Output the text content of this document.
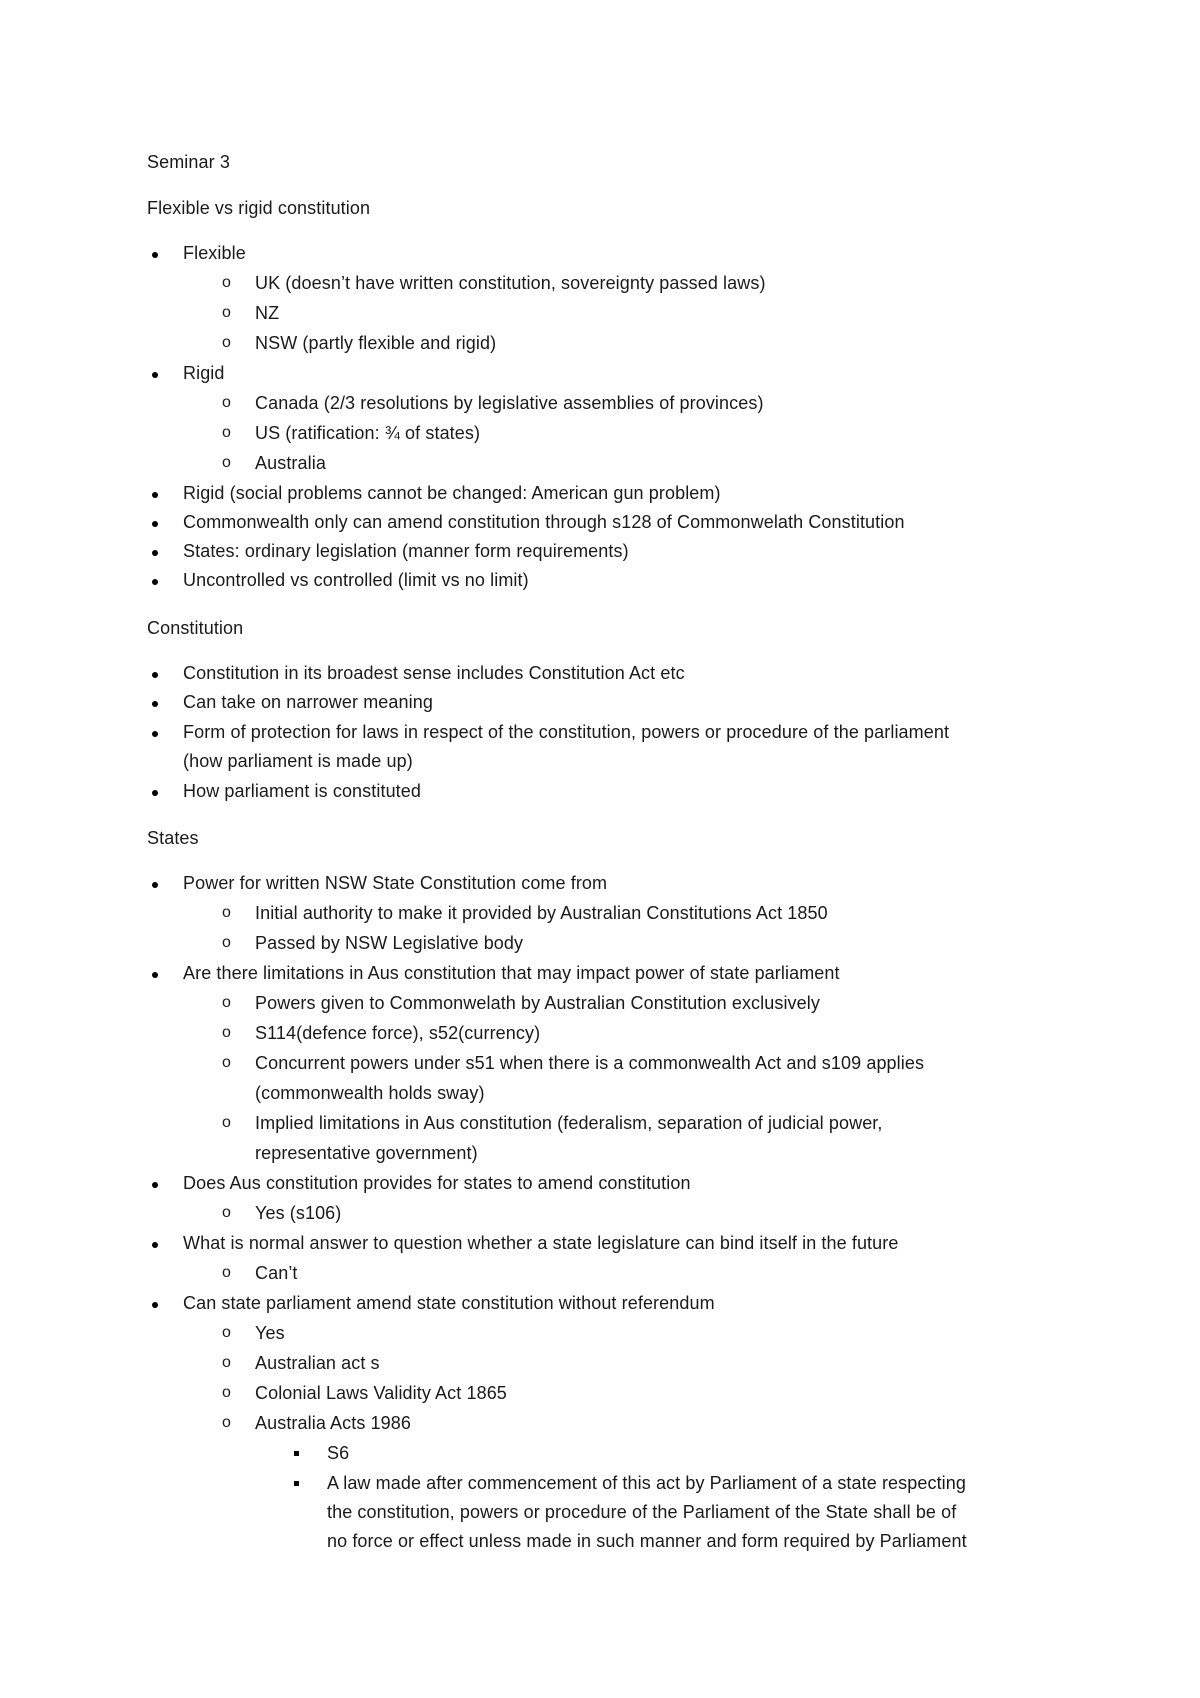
Seminar 3
Flexible vs rigid constitution
Flexible
o UK (doesn’t have written constitution, sovereignty passed laws)
o NZ
o NSW (partly flexible and rigid)
Rigid
o Canada (2/3 resolutions by legislative assemblies of provinces)
o US (ratification: ¾ of states)
o Australia
Rigid (social problems cannot be changed: American gun problem)
Commonwealth only can amend constitution through s128 of Commonwelath Constitution
States: ordinary legislation (manner form requirements)
Uncontrolled vs controlled (limit vs no limit)
Constitution
Constitution in its broadest sense includes Constitution Act etc
Can take on narrower meaning
Form of protection for laws in respect of the constitution, powers or procedure of the parliament
(how parliament is made up)
How parliament is constituted
States
Power for written NSW State Constitution come from
o Initial authority to make it provided by Australian Constitutions Act 1850
o Passed by NSW Legislative body
Are there limitations in Aus constitution that may impact power of state parliament
o Powers given to Commonwelath by Australian Constitution exclusively
o S114(defence force), s52(currency)
o Concurrent powers under s51 when there is a commonwealth Act and s109 applies
(commonwealth holds sway)
o Implied limitations in Aus constitution (federalism, separation of judicial power,
representative government)
Does Aus constitution provides for states to amend constitution
o Yes (s106)
What is normal answer to question whether a state legislature can bind itself in the future
o Can’t
Can state parliament amend state constitution without referendum
o Yes
o Australian act s
o Colonial Laws Validity Act 1865
o Australia Acts 1986
S6
A law made after commencement of this act by Parliament of a state respecting
the constitution, powers or procedure of the Parliament of the State shall be of
no force or effect unless made in such manner and form required by Parliament
